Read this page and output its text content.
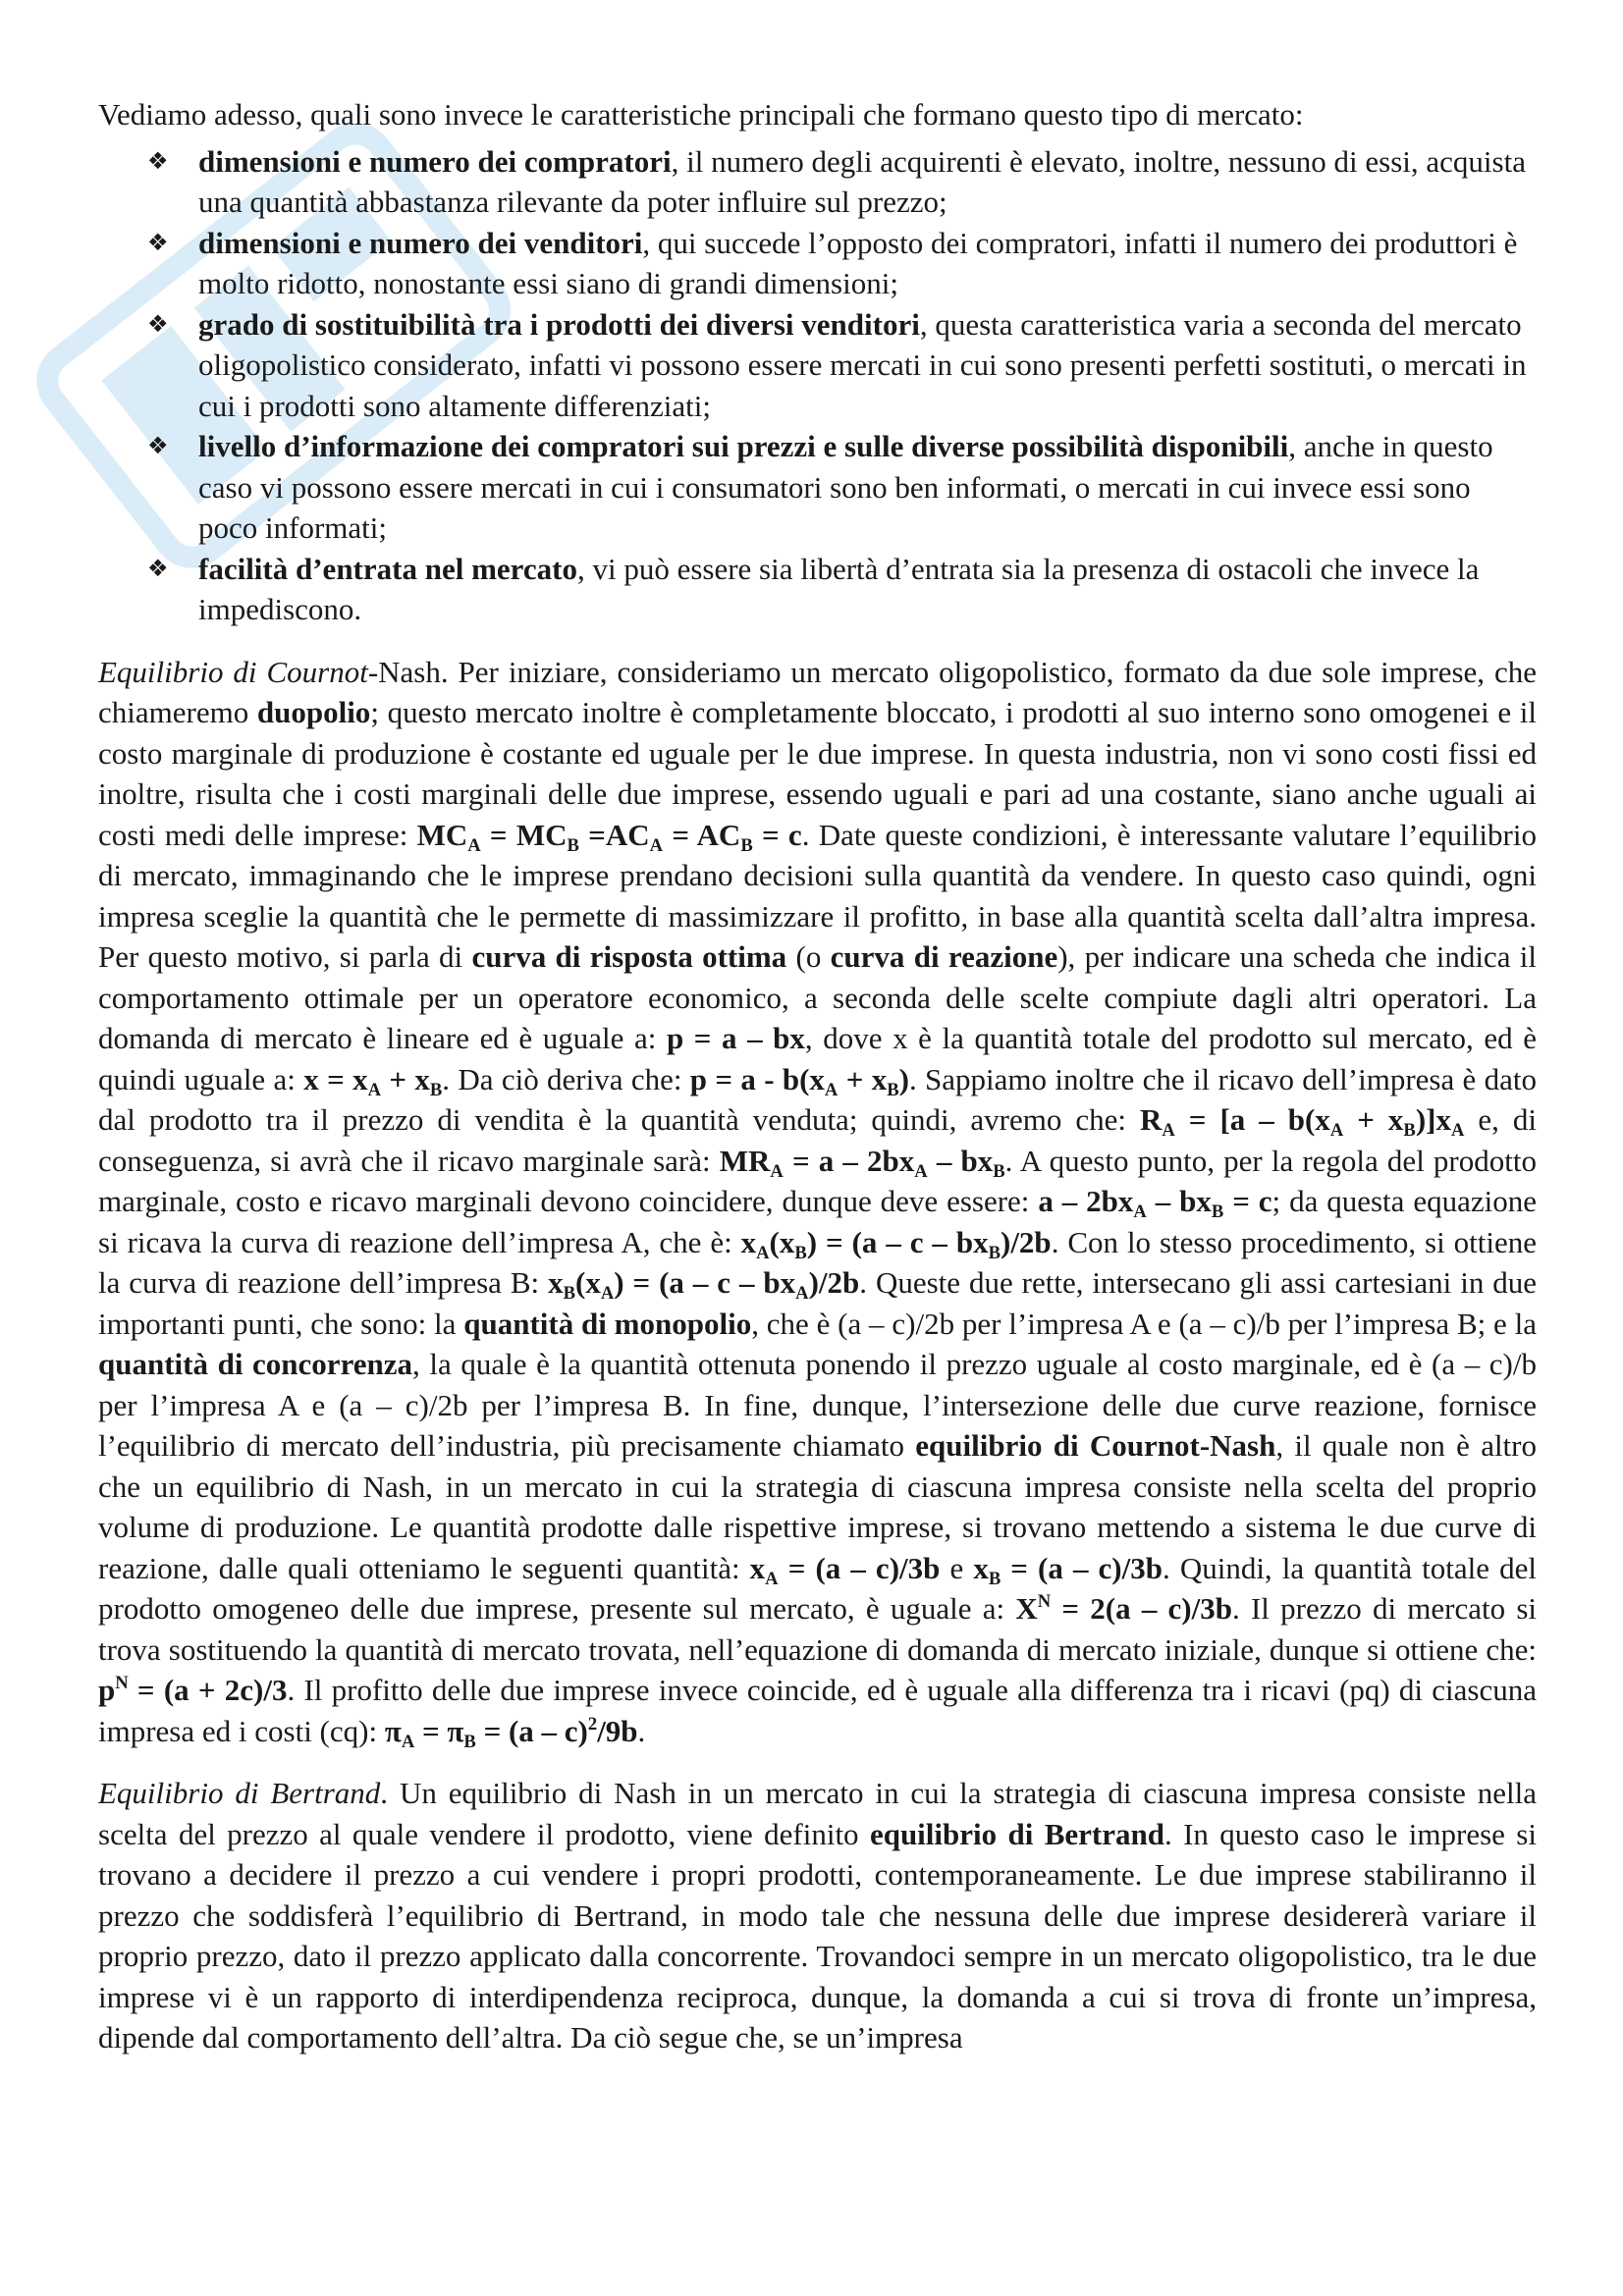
Vediamo adesso, quali sono invece le caratteristiche principali che formano questo tipo di mercato:

❖ dimensioni e numero dei compratori, il numero degli acquirenti è elevato, inoltre, nessuno di essi, acquista una quantità abbastanza rilevante da poter influire sul prezzo;
❖ dimensioni e numero dei venditori, qui succede l’opposto dei compratori, infatti il numero dei produttori è molto ridotto, nonostante essi siano di grandi dimensioni;
❖ grado di sostituibilità tra i prodotti dei diversi venditori, questa caratteristica varia a seconda del mercato oligopolistico considerato, infatti vi possono essere mercati in cui sono presenti perfetti sostituti, o mercati in cui i prodotti sono altamente differenziati;
❖ livello d’informazione dei compratori sui prezzi e sulle diverse possibilità disponibili, anche in questo caso vi possono essere mercati in cui i consumatori sono ben informati, o mercati in cui invece essi sono poco informati;
❖ facilità d’entrata nel mercato, vi può essere sia libertà d’entrata sia la presenza di ostacoli che invece la impediscono.

Equilibrio di Cournot-Nash. Per iniziare, consideriamo un mercato oligopolistico, formato da due sole imprese, che chiameremo duopolio; questo mercato inoltre è completamente bloccato, i prodotti al suo interno sono omogenei e il costo marginale di produzione è costante ed uguale per le due imprese. In questa industria, non vi sono costi fissi ed inoltre, risulta che i costi marginali delle due imprese, essendo uguali e pari ad una costante, siano anche uguali ai costi medi delle imprese: $MC_A = MC_B =AC_A = AC_B = c$. Date queste condizioni, è interessante valutare l’equilibrio di mercato, immaginando che le imprese prendano decisioni sulla quantità da vendere. In questo caso quindi, ogni impresa sceglie la quantità che le permette di massimizzare il profitto, in base alla quantità scelta dall’altra impresa. Per questo motivo, si parla di curva di risposta ottima (o curva di reazione), per indicare una scheda che indica il comportamento ottimale per un operatore economico, a seconda delle scelte compiute dagli altri operatori. La domanda di mercato è lineare ed è uguale a: p = a – bx, dove x è la quantità totale del prodotto sul mercato, ed è quindi uguale a: $x = x_A + x_B$. Da ciò deriva che: $p = a - b(x_A + x_B)$. Sappiamo inoltre che il ricavo dell’impresa è dato dal prodotto tra il prezzo di vendita è la quantità venduta; quindi, avremo che: $R_A = [a - b(x_A + x_B)]x_A$ e, di conseguenza, si avrà che il ricavo marginale sarà: $MR_A = a - 2bx_A - bx_B$. A questo punto, per la regola del prodotto marginale, costo e ricavo marginali devono coincidere, dunque deve essere: $a - 2bx_A - bx_B = c$; da questa equazione si ricava la curva di reazione dell’impresa A, che è: $x_A(x_B) = (a - c - bx_B)/2b$. Con lo stesso procedimento, si ottiene la curva di reazione dell’impresa B: $x_B(x_A) = (a - c - bx_A)/2b$. Queste due rette, intersecano gli assi cartesiani in due importanti punti, che sono: la quantità di monopolio, che è (a – c)/2b per l’impresa A e (a – c)/b per l’impresa B; e la quantità di concorrenza, la quale è la quantità ottenuta ponendo il prezzo uguale al costo marginale, ed è (a – c)/b per l’impresa A e (a – c)/2b per l’impresa B. In fine, dunque, l’intersezione delle due curve reazione, fornisce l’equilibrio di mercato dell’industria, più precisamente chiamato equilibrio di Cournot-Nash, il quale non è altro che un equilibrio di Nash, in un mercato in cui la strategia di ciascuna impresa consiste nella scelta del proprio volume di produzione. Le quantità prodotte dalle rispettive imprese, si trovano mettendo a sistema le due curve di reazione, dalle quali otteniamo le seguenti quantità: $x_A = (a - c)/3b$ e $x_B = (a - c)/3b$. Quindi, la quantità totale del prodotto omogeneo delle due imprese, presente sul mercato, è uguale a: $X^N = 2(a - c)/3b$. Il prezzo di mercato si trova sostituendo la quantità di mercato trovata, nell’equazione di domanda di mercato iniziale, dunque si ottiene che: $p^N = (a + 2c)/3$. Il profitto delle due imprese invece coincide, ed è uguale alla differenza tra i ricavi (pq) di ciascuna impresa ed i costi (cq): $\pi_A = \pi_B = (a - c)^2/9b$.

Equilibrio di Bertrand. Un equilibrio di Nash in un mercato in cui la strategia di ciascuna impresa consiste nella scelta del prezzo al quale vendere il prodotto, viene definito equilibrio di Bertrand. In questo caso le imprese si trovano a decidere il prezzo a cui vendere i propri prodotti, contemporaneamente. Le due imprese stabiliranno il prezzo che soddisferà l’equilibrio di Bertrand, in modo tale che nessuna delle due imprese desidererà variare il proprio prezzo, dato il prezzo applicato dalla concorrente. Trovandoci sempre in un mercato oligopolistico, tra le due imprese vi è un rapporto di interdipendenza reciproca, dunque, la domanda a cui si trova di fronte un’impresa, dipende dal comportamento dell’altra. Da ciò segue che, se un’impresa
